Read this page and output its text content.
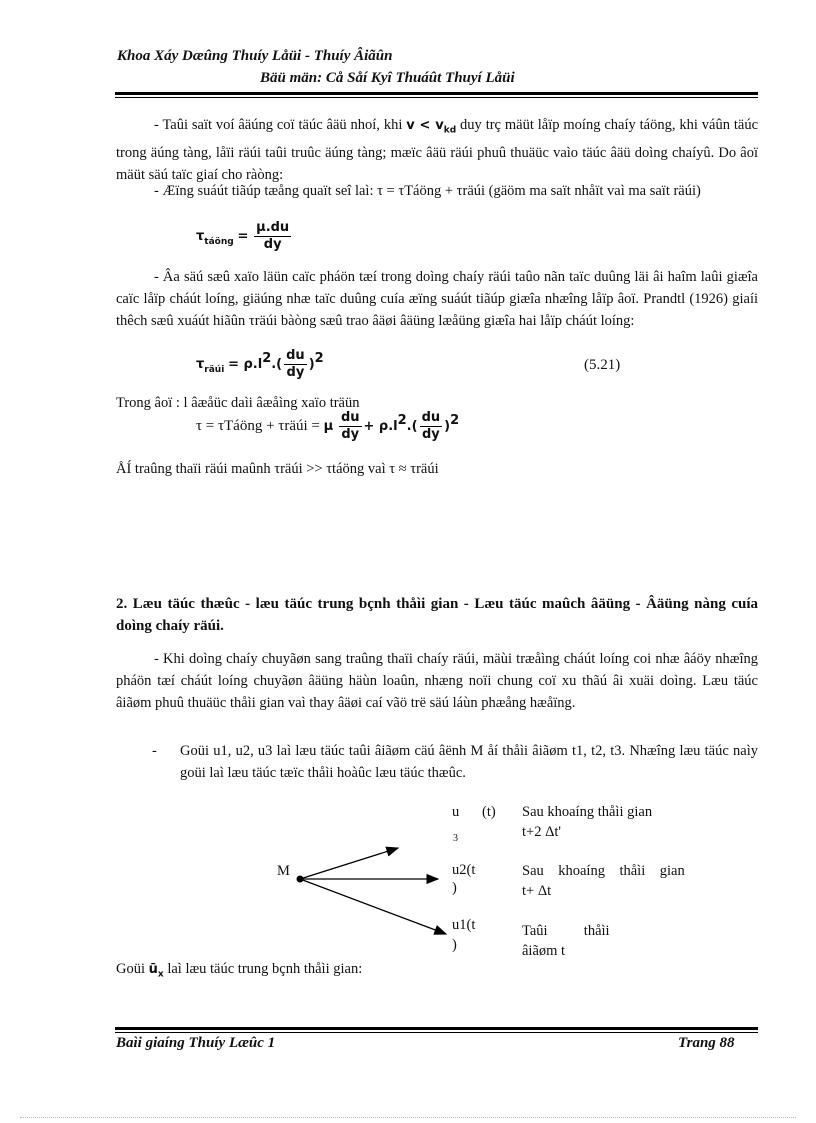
Khoa Xáy Dæûng Thuíy Låüi - Thuíy Âiãûn
Bäü män: Cå Såí Kyî Thuáût Thuyí Låüi
- Taûi saït voí âäúng coï täúc âäü nhoí, khi $v < v_{kd}$ duy trç mäüt låïp moíng chaíy táöng, khi váûn täúc trong äúng tàng, låïi räúi taûi truûc äúng tàng; mæïc âäü räúi phuû thuäüc vaìo täúc âäü doìng chaíyû. Do âoï mäüt säú taïc giaí cho ràòng:
- Æïng suáút tiãúp tæång quaït seî laì: τ = τTáöng + τräúi (gäöm ma saït nhåït vaì ma saït räúi)
$\tau_{táöng} = \frac{\mu.du}{dy}$
- Âa säú sæû xaïo läün caïc pháön tæí trong doìng chaíy räúi taûo nãn taïc duûng läi âi haîm laûi giæîa caïc låïp cháút loíng, giäúng nhæ taïc duûng cuía æïng suáút tiãúp giæîa nhæîng låïp âoï. Prandtl (1926) giaíi thêch sæû xuáút hiãûn τräúi bàòng sæû trao âäøi âäüng læåüng giæîa hai låïp cháút loíng:
$\tau_{räúi} = \rho.l^2.( \frac{du}{dy} )^2$	(5.21)
Trong âoï : l âæåüc daìi âæåìng xaïo träün
τ = τTáöng + τräúi = μ $\frac{du}{dy} + \rho.l^2.( \frac{du}{dy} )^2$
ÅÍ traûng thaïi räúi maûnh τräúi >> τtáöng vaì τ ≈ τräúi
2. Læu täúc thæûc - læu täúc trung bçnh thåìi gian - Læu täúc maûch âäüng - Âäüng nàng cuía doìng chaíy räúi.
- Khi doìng chaíy chuyãøn sang traûng thaïi chaíy räúi, mäùi træåìng cháút loíng coi nhæ âáöy nhæîng pháön tæí cháút loíng chuyãøn âäüng häùn loaûn, nhæng noïi chung coï xu thãú âi xuäi doìng. Læu täúc âiãøm phuû thuäüc thåìi gian vaì thay âäøi caí vãö trë säú láùn phæång hæåïng.
-	Goüi u1, u2, u3 laì læu täúc taûi âiãøm cäú âënh M åí thåìi âiãøm t1, t2, t3. Nhæîng læu täúc naìy goüi laì læu täúc tæïc thåìi hoàûc læu täúc thæûc.
M
u (t)
3
u2(t
)
u1(t
)
Sau khoaíng thåìi gian
t+2 Δt'
Sau    khoaíng    thåìi    gian
t+ Δt
Taûi          thåìi
âiãøm t
Goüi $ū_x$ laì læu täúc trung bçnh thåìi gian:
Baìi giaíng Thuíy Læûc 1	Trang 88
